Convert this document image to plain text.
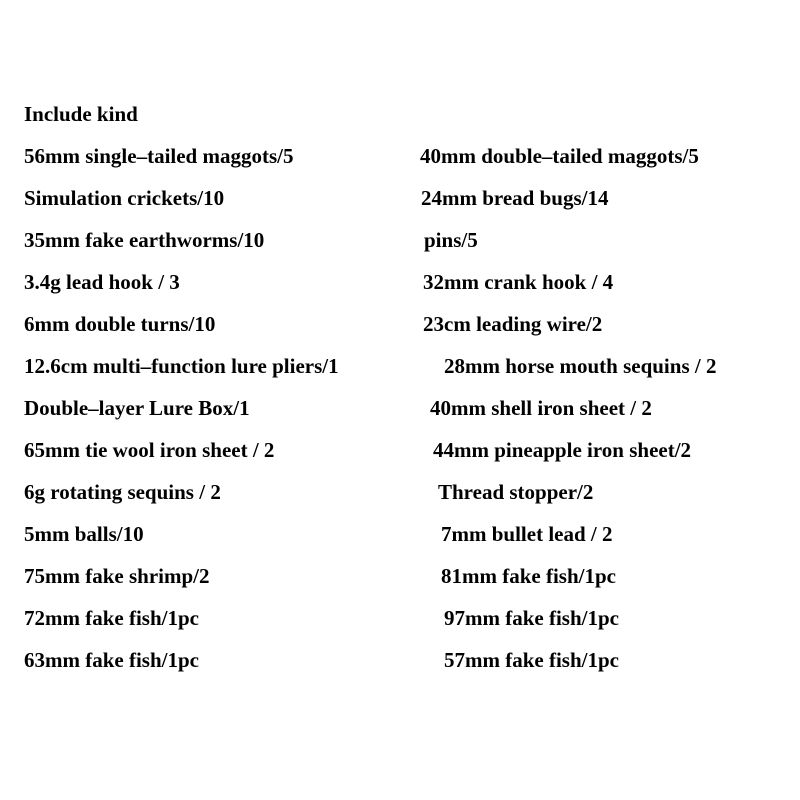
Include kind
56mm single–tailed maggots/5	40mm double–tailed maggots/5
Simulation crickets/10	24mm bread bugs/14
35mm fake earthworms/10	pins/5
3.4g lead hook / 3	32mm crank hook / 4
6mm double turns/10	23cm leading wire/2
12.6cm multi–function lure pliers/1	28mm horse mouth sequins / 2
Double–layer Lure Box/1	40mm shell iron sheet / 2
65mm tie wool iron sheet / 2	44mm pineapple iron sheet/2
6g rotating sequins / 2	Thread stopper/2
5mm balls/10	7mm bullet lead / 2
75mm fake shrimp/2	81mm fake fish/1pc
72mm fake fish/1pc	97mm fake fish/1pc
63mm fake fish/1pc	57mm fake fish/1pc
